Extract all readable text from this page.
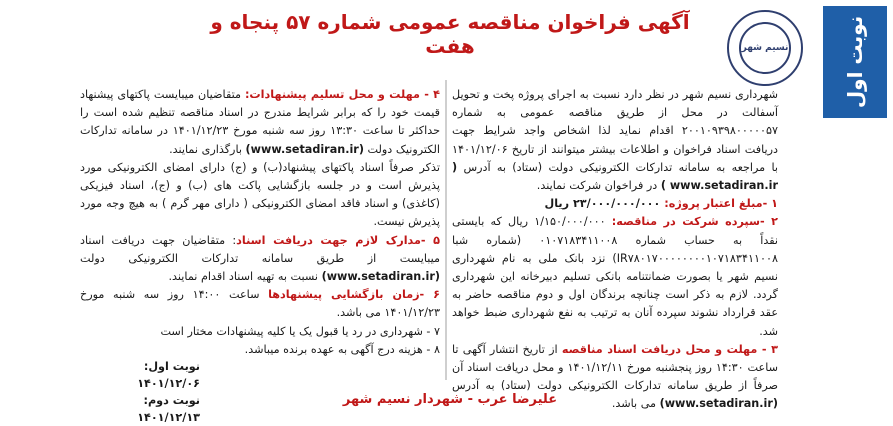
نوبت اول
نسیم شهر
آگهی فراخوان مناقصه عمومی شماره ۵۷ پنجاه و هفت

شهرداری نسیم شهر در نظر دارد نسبت به اجرای پروژه پخت و تحویل آسفالت در محل از طریق مناقصه عمومی به شماره ۲۰۰۱۰۹۳۹۸۰۰۰۰۰۵۷ اقدام نماید لذا اشخاص واجد شرایط جهت دریافت اسناد فراخوان و اطلاعات بیشتر میتوانند از تاریخ ۱۴۰۱/۱۲/۰۶ با مراجعه به سامانه تدارکات الکترونیکی دولت (ستاد) به آدرس ( www.setadiran.ir ) در فراخوان شرکت نمایند.

۱ -مبلغ اعتبار پروژه: ۲۳/۰۰۰/۰۰۰/۰۰۰ ریال

۲ -سپرده شرکت در مناقصه: ۱/۱۵۰/۰۰۰/۰۰۰ ریال که بایستی نقداً به حساب شماره ۰۱۰۷۱۸۳۴۱۱۰۰۸ (شماره شبا IR۷۸۰۱۷۰۰۰۰۰۰۰۰۱۰۷۱۸۳۴۱۱۰۰۸) نزد بانک ملی به نام شهرداری نسیم شهر یا بصورت ضمانتنامه بانکی تسلیم دبیرخانه این شهرداری گردد. لازم به ذکر است چنانچه برندگان اول و دوم مناقصه حاضر به عقد قرارداد نشوند سپرده آنان به ترتیب به نفع شهرداری ضبط خواهد شد.

۳ - مهلت و محل دریافت اسناد مناقصه از تاریخ انتشار آگهی تا ساعت ۱۴:۳۰ روز پنجشنبه مورخ ۱۴۰۱/۱۲/۱۱ و محل دریافت اسناد آن صرفاً از طریق سامانه تدارکات الکترونیکی دولت (ستاد) به آدرس (www.setadiran.ir) می باشد.

۴ - مهلت و محل تسلیم پیشنهادات: متقاضیان میبایست پاکتهای پیشنهاد قیمت خود را که برابر شرایط مندرج در اسناد مناقصه تنظیم شده است را حداکثر تا ساعت ۱۳:۳۰ روز سه شنبه مورخ ۱۴۰۱/۱۲/۲۳ در سامانه تدارکات الکترونیک دولت (www.setadiran.ir) بارگذاری نمایند.

تذکر صرفاً اسناد پاکتهای پیشنهاد(ب) و (ج) دارای امضای الکترونیکی مورد پذیرش است و در جلسه بازگشایی پاکت های (ب) و (ج)، اسناد فیزیکی (کاغذی) و اسناد فاقد امضای الکترونیکی ( دارای مهر گرم ) به هیچ وجه مورد پذیرش نیست.

۵ -مدارک لازم جهت دریافت اسناد: متقاضیان جهت دریافت اسناد میبایست از طریق سامانه تدارکات الکترونیکی دولت (www.setadiran.ir) نسبت به تهیه اسناد اقدام نمایند.

۶ -زمان بازگشایی پیشنهادها ساعت ۱۴:۰۰ روز سه شنبه مورخ ۱۴۰۱/۱۲/۲۳ می باشد.

۷ - شهرداری در رد یا قبول یک یا کلیه پیشنهادات مختار است

۸ - هزینه درج آگهی به عهده برنده میباشد.

نوبت اول: ۱۴۰۱/۱۲/۰۶
نوبت دوم: ۱۴۰۱/۱۲/۱۳
علیرضا عرب - شهردار نسیم شهر
